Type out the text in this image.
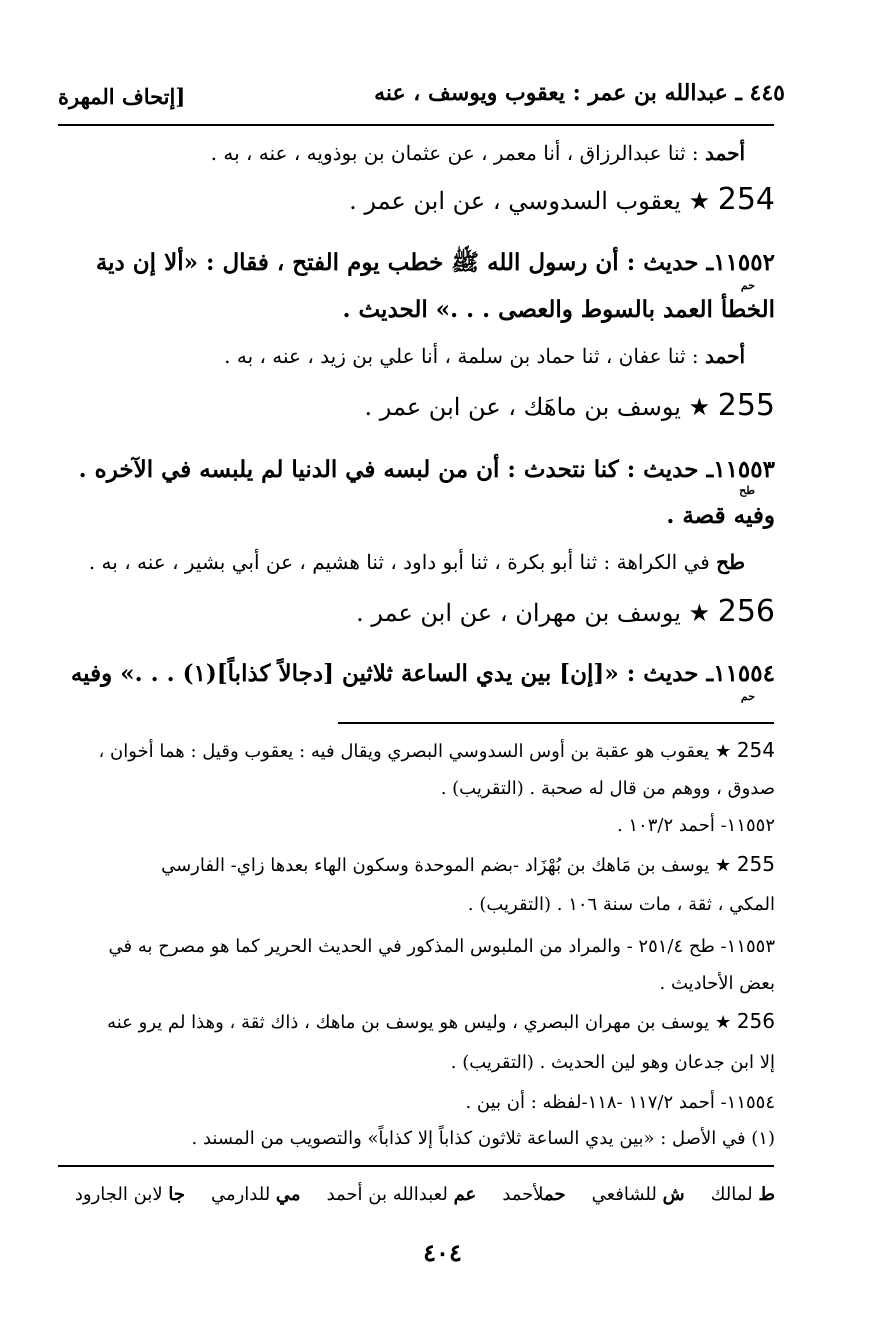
[إتحاف المهرة	٤٤٥ ـ عبدالله بن عمر : يعقوب ويوسف ، عنه
أحمد : ثنا عبدالرزاق ، أنا معمر ، عن عثمان بن بوذويه ، عنه ، به .
254 ★ يعقوب السدوسي ، عن ابن عمر .
١١٥٥٢ـ حديث : أن رسول الله ﷺ خطب يوم الفتح ، فقال : «ألا إن دية
حم
الخطأ العمد بالسوط والعصى . . .» الحديث .
أحمد : ثنا عفان ، ثنا حماد بن سلمة ، أنا علي بن زيد ، عنه ، به .
255 ★ يوسف بن ماهَك ، عن ابن عمر .
١١٥٥٣ـ حديث : كنا نتحدث : أن من لبسه في الدنيا لم يلبسه في الآخره .
طح
وفيه قصة .
طح في الكراهة : ثنا أبو بكرة ، ثنا أبو داود ، ثنا هشيم ، عن أبي بشير ، عنه ، به .
256 ★ يوسف بن مهران ، عن ابن عمر .
١١٥٥٤ـ حديث : «[إن] بين يدي الساعة ثلاثين [دجالاً كذاباً](١) . . .» وفيه
حم
254 ★ يعقوب هو عقبة بن أوس السدوسي البصري ويقال فيه : يعقوب وقيل : هما أخوان ،
صدوق ، ووهم من قال له صحبة . (التقريب) .
١١٥٥٢- أحمد ١٠٣/٢ .
255 ★ يوسف بن مَاهك بن بُهْزَاد -بضم الموحدة وسكون الهاء بعدها زاي- الفارسي
المكي ، ثقة ، مات سنة ١٠٦ . (التقريب) .
١١٥٥٣- طح ٢٥١/٤ - والمراد من الملبوس المذكور في الحديث الحرير كما هو مصرح به في
بعض الأحاديث .
256 ★ يوسف بن مهران البصري ، وليس هو يوسف بن ماهك ، ذاك ثقة ، وهذا لم يرو عنه
إلا ابن جدعان وهو لين الحديث . (التقريب) .
١١٥٥٤- أحمد ١١٧/٢ -١١٨-لفظه : أن بين .
(١) في الأصل : «بين يدي الساعة ثلاثون كذاباً إلا كذاباً» والتصويب من المسند .
ط لمالك
ش للشافعي
حملأحمد
عم لعبدالله بن أحمد
مي للدارمي
جا لابن الجارود
٤٠٤
